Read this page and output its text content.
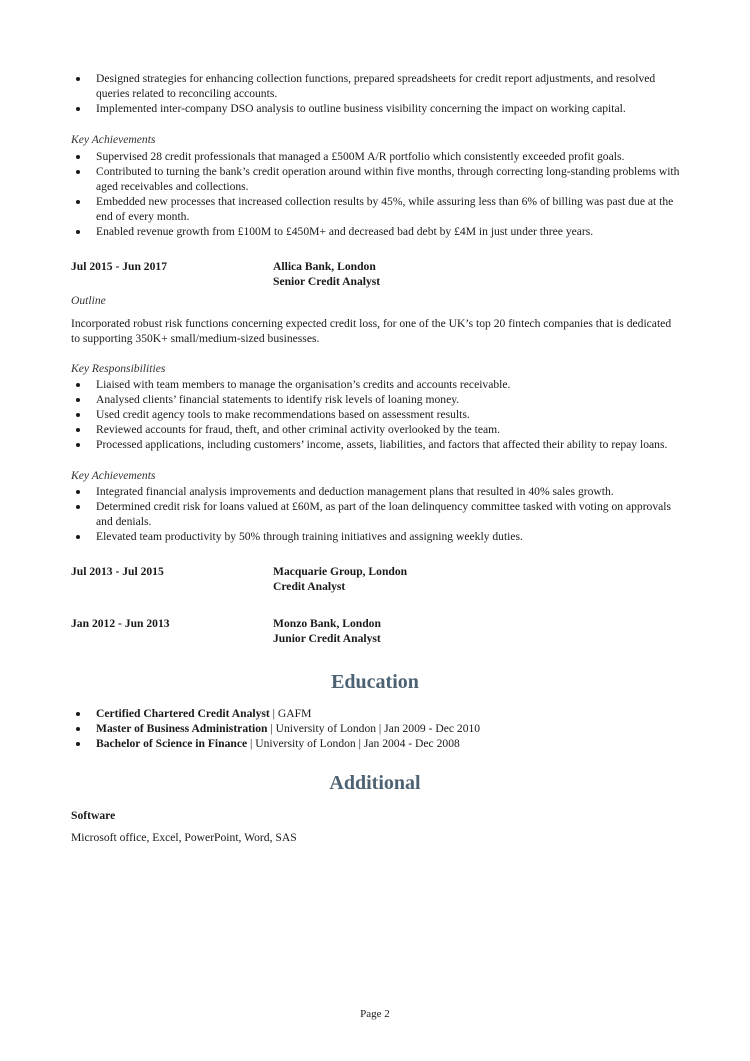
Designed strategies for enhancing collection functions, prepared spreadsheets for credit report adjustments, and resolved queries related to reconciling accounts.
Implemented inter-company DSO analysis to outline business visibility concerning the impact on working capital.
Key Achievements
Supervised 28 credit professionals that managed a £500M A/R portfolio which consistently exceeded profit goals.
Contributed to turning the bank’s credit operation around within five months, through correcting long-standing problems with aged receivables and collections.
Embedded new processes that increased collection results by 45%, while assuring less than 6% of billing was past due at the end of every month.
Enabled revenue growth from £100M to £450M+ and decreased bad debt by £4M in just under three years.
Jul 2015 - Jun 2017	Allica Bank, London
Senior Credit Analyst
Outline
Incorporated robust risk functions concerning expected credit loss, for one of the UK’s top 20 fintech companies that is dedicated to supporting 350K+ small/medium-sized businesses.
Key Responsibilities
Liaised with team members to manage the organisation’s credits and accounts receivable.
Analysed clients’ financial statements to identify risk levels of loaning money.
Used credit agency tools to make recommendations based on assessment results.
Reviewed accounts for fraud, theft, and other criminal activity overlooked by the team.
Processed applications, including customers’ income, assets, liabilities, and factors that affected their ability to repay loans.
Key Achievements
Integrated financial analysis improvements and deduction management plans that resulted in 40% sales growth.
Determined credit risk for loans valued at £60M, as part of the loan delinquency committee tasked with voting on approvals and denials.
Elevated team productivity by 50% through training initiatives and assigning weekly duties.
Jul 2013 - Jul 2015	Macquarie Group, London
Credit Analyst
Jan 2012 - Jun 2013	Monzo Bank, London
Junior Credit Analyst
Education
Certified Chartered Credit Analyst | GAFM
Master of Business Administration | University of London | Jan 2009 - Dec 2010
Bachelor of Science in Finance | University of London | Jan 2004 - Dec 2008
Additional
Software
Microsoft office, Excel, PowerPoint, Word, SAS
Page 2
